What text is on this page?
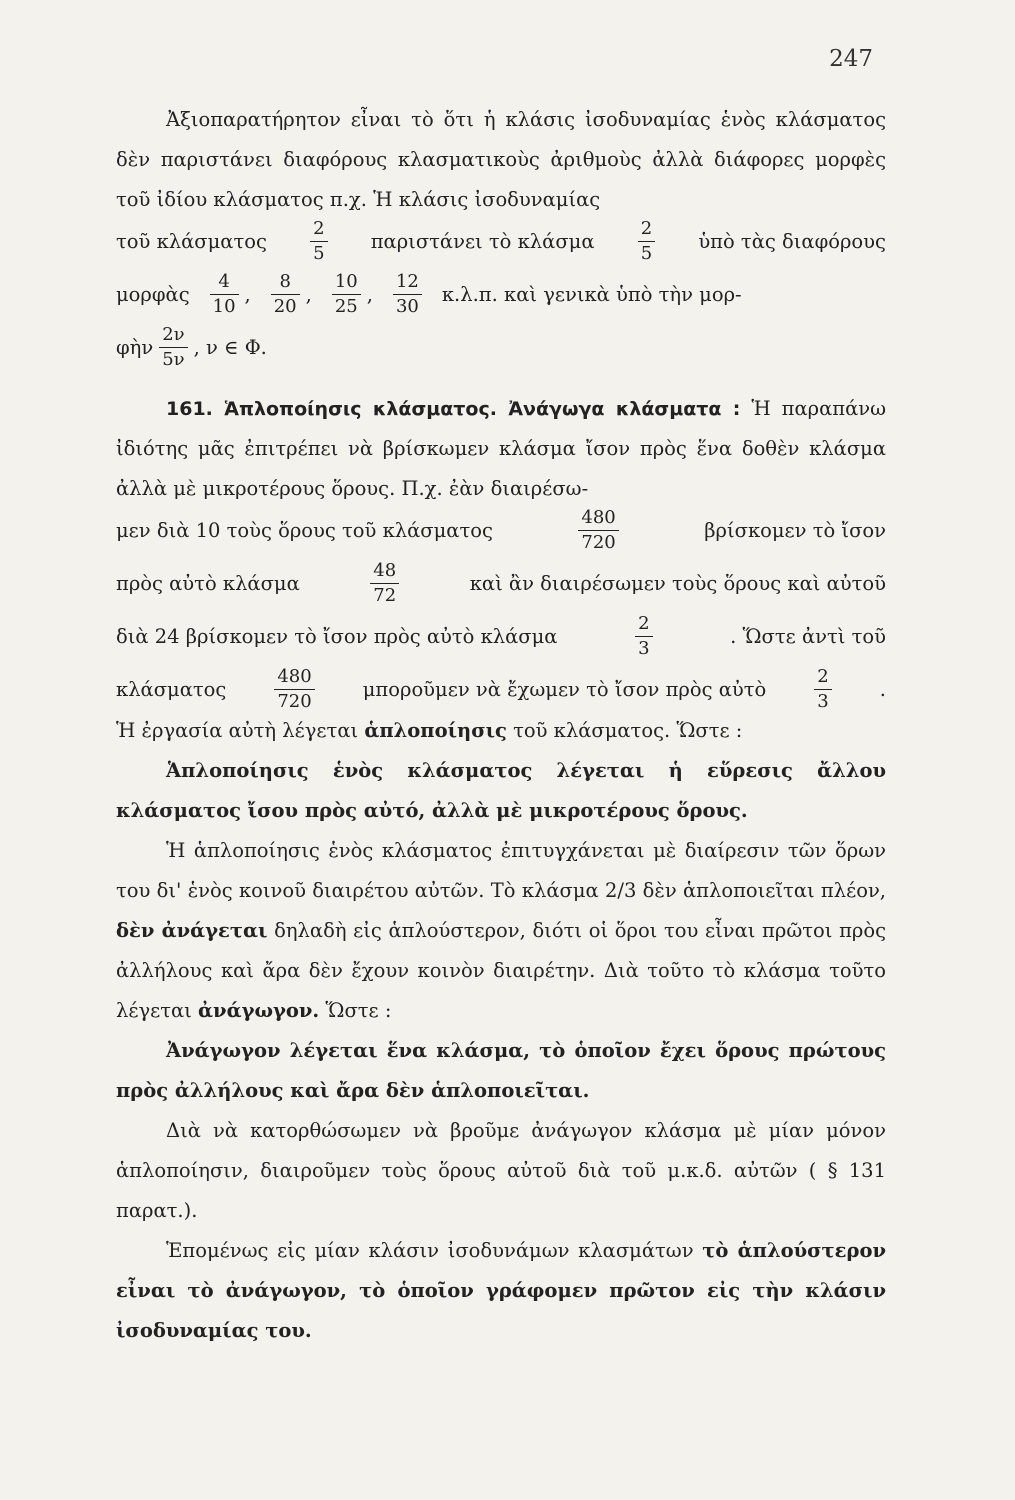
247

Ἀξιοπαρατήρητον εἶναι τὸ ὅτι ἡ κλάσις ἰσοδυναμίας ἑνὸς κλάσματος δὲν παριστάνει διαφόρους κλασματικοὺς ἀριθμοὺς ἀλλὰ διάφορες μορφὲς τοῦ ἰδίου κλάσματος π.χ. Ἡ κλάσις ἰσοδυναμίας

τοῦ κλάσματος $\frac{2}{5}$ παριστάνει τὸ κλάσμα $\frac{2}{5}$ ὑπὸ τὰς διαφόρους
μορφὰς $\frac{4}{10}$ , $\frac{8}{20}$ , $\frac{10}{25}$ , $\frac{12}{30} \kappa.\lambda.\pi$. καὶ γενικὰ ὑπὸ τὴν μορ-
φὴν $\frac{2\nu}{5\nu}$ , ν ∈ Φ.

161. Ἁπλοποίησις κλάσματος. Ἀνάγωγα κλάσματα : Ἡ παραπάνω ἰδιότης μᾶς ἐπιτρέπει νὰ βρίσκωμεν κλάσμα ἴσον πρὸς ἕνα δοθὲν κλάσμα ἀλλὰ μὲ μικροτέρους ὅρους. Π.χ. ἐὰν διαιρέσω-

μεν διὰ 10 τοὺς ὅρους τοῦ κλάσματος	$\frac{480}{720}$	βρίσκομεν τὸ ἴσον
πρὸς αὐτὸ κλάσμα	$\frac{48}{72}$	καὶ ἂν διαιρέσωμεν τοὺς ὅρους καὶ αὐτοῦ
διὰ 24 βρίσκομεν τὸ ἴσον πρὸς αὐτὸ κλάσμα	$\frac{2}{3}$	. Ὥστε ἀντὶ τοῦ
κλάσματος	$\frac{480}{720}$ μποροῦμεν νὰ ἔχωμεν τὸ ἴσον πρὸς αὐτὸ	$\frac{2}{3}$ .

Ἡ ἐργασία αὐτὴ λέγεται ἁπλοποίησις τοῦ κλάσματος. Ὥστε :

Ἁπλοποίησις ἑνὸς κλάσματος λέγεται ἡ εὕρεσις ἄλλου κλάσματος ἴσου πρὸς αὐτό, ἀλλὰ μὲ μικροτέρους ὅρους.

Ἡ ἁπλοποίησις ἑνὸς κλάσματος ἐπιτυγχάνεται μὲ διαίρεσιν τῶν ὅρων του δι' ἑνὸς κοινοῦ διαιρέτου αὐτῶν. Τὸ κλάσμα 2/3 δὲν ἁπλοποιεῖται πλέον, δὲν ἀνάγεται δηλαδὴ εἰς ἁπλούστερον, διότι οἱ ὅροι του εἶναι πρῶτοι πρὸς ἀλλήλους καὶ ἄρα δὲν ἔχουν κοινὸν διαιρέτην. Διὰ τοῦτο τὸ κλάσμα τοῦτο λέγεται ἀνάγωγον. Ὥστε :

Ἀνάγωγον λέγεται ἕνα κλάσμα, τὸ ὁποῖον ἔχει ὅρους πρώτους πρὸς ἀλλήλους καὶ ἄρα δὲν ἁπλοποιεῖται.

Διὰ νὰ κατορθώσωμεν νὰ βροῦμε ἀνάγωγον κλάσμα μὲ μίαν μόνον ἁπλοποίησιν, διαιροῦμεν τοὺς ὅρους αὐτοῦ διὰ τοῦ μ.κ.δ. αὐτῶν ( § 131 παρατ.).

Ἑπομένως εἰς μίαν κλάσιν ἰσοδυνάμων κλασμάτων τὸ ἁπλούστερον εἶναι τὸ ἀνάγωγον, τὸ ὁποῖον γράφομεν πρῶτον εἰς τὴν κλάσιν ἰσοδυναμίας του.
